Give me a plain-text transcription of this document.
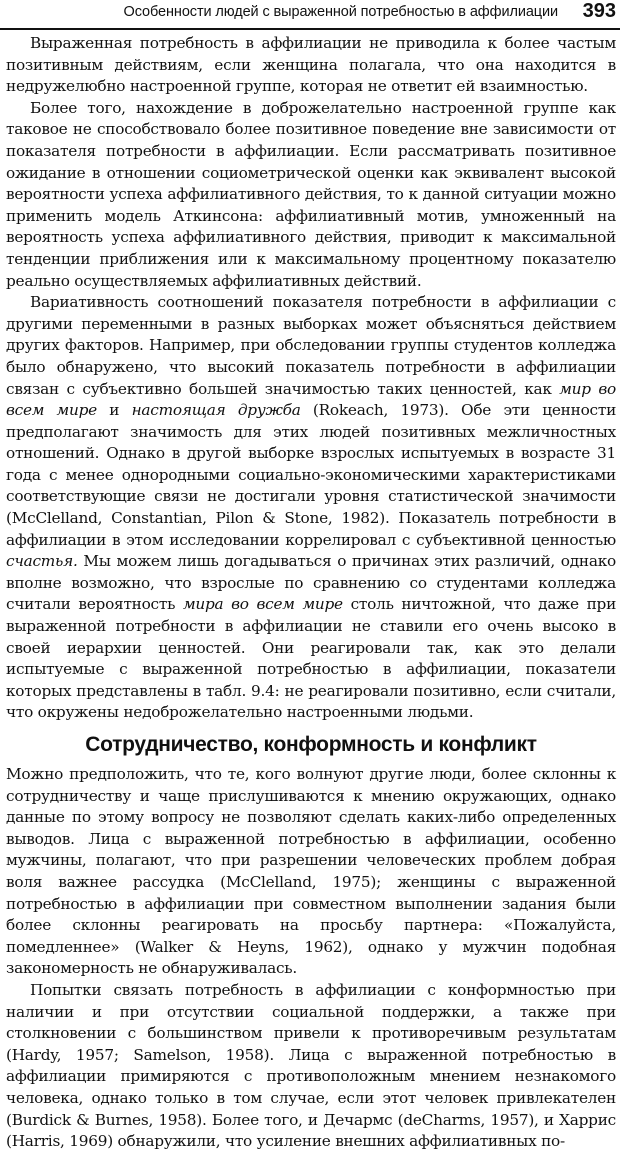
Особенности людей с выраженной потребностью в аффилиации 393

Выраженная потребность в аффилиации не приводила к более частым позитивным действиям, если женщина полагала, что она находится в недружелюбно настроенной группе, которая не ответит ей взаимностью.

Более того, нахождение в доброжелательно настроенной группе как таковое не способствовало более позитивное поведение вне зависимости от показателя потребности в аффилиации. Если рассматривать позитивное ожидание в отношении социометрической оценки как эквивалент высокой вероятности успеха аффилиативного действия, то к данной ситуации можно применить модель Аткинсона: аффилиативный мотив, умноженный на вероятность успеха аффилиативного действия, приводит к максимальной тенденции приближения или к максимальному процентному показателю реально осуществляемых аффилиативных действий.

Вариативность соотношений показателя потребности в аффилиации с другими переменными в разных выборках может объясняться действием других факторов. Например, при обследовании группы студентов колледжа было обнаружено, что высокий показатель потребности в аффилиации связан с субъективно большей значимостью таких ценностей, как мир во всем мире и настоящая дружба (Rokeach, 1973). Обе эти ценности предполагают значимость для этих людей позитивных межличностных отношений. Однако в другой выборке взрослых испытуемых в возрасте 31 года с менее однородными социально-экономическими характеристиками соответствующие связи не достигали уровня статистической значимости (McClelland, Constantian, Pilon & Stone, 1982). Показатель потребности в аффилиации в этом исследовании коррелировал с субъективной ценностью счастья. Мы можем лишь догадываться о причинах этих различий, однако вполне возможно, что взрослые по сравнению со студентами колледжа считали вероятность мира во всем мире столь ничтожной, что даже при выраженной потребности в аффилиации не ставили его очень высоко в своей иерархии ценностей. Они реагировали так, как это делали испытуемые с выраженной потребностью в аффилиации, показатели которых представлены в табл. 9.4: не реагировали позитивно, если считали, что окружены недоброжелательно настроенными людьми.

Сотрудничество, конформность и конфликт

Можно предположить, что те, кого волнуют другие люди, более склонны к сотрудничеству и чаще прислушиваются к мнению окружающих, однако данные по этому вопросу не позволяют сделать каких-либо определенных выводов. Лица с выраженной потребностью в аффилиации, особенно мужчины, полагают, что при разрешении человеческих проблем добрая воля важнее рассудка (McClelland, 1975); женщины с выраженной потребностью в аффилиации при совместном выполнении задания были более склонны реагировать на просьбу партнера: «Пожалуйста, помедленнее» (Walker & Heyns, 1962), однако у мужчин подобная закономерность не обнаруживалась.

Попытки связать потребность в аффилиации с конформностью при наличии и при отсутствии социальной поддержки, а также при столкновении с большинством привели к противоречивым результатам (Hardy, 1957; Samelson, 1958). Лица с выраженной потребностью в аффилиации примиряются с противоположным мнением незнакомого человека, однако только в том случае, если этот человек привлекателен (Burdick & Burnes, 1958). Более того, и Дечармс (deCharms, 1957), и Харрис (Harris, 1969) обнаружили, что усиление внешних аффилиативных по-
